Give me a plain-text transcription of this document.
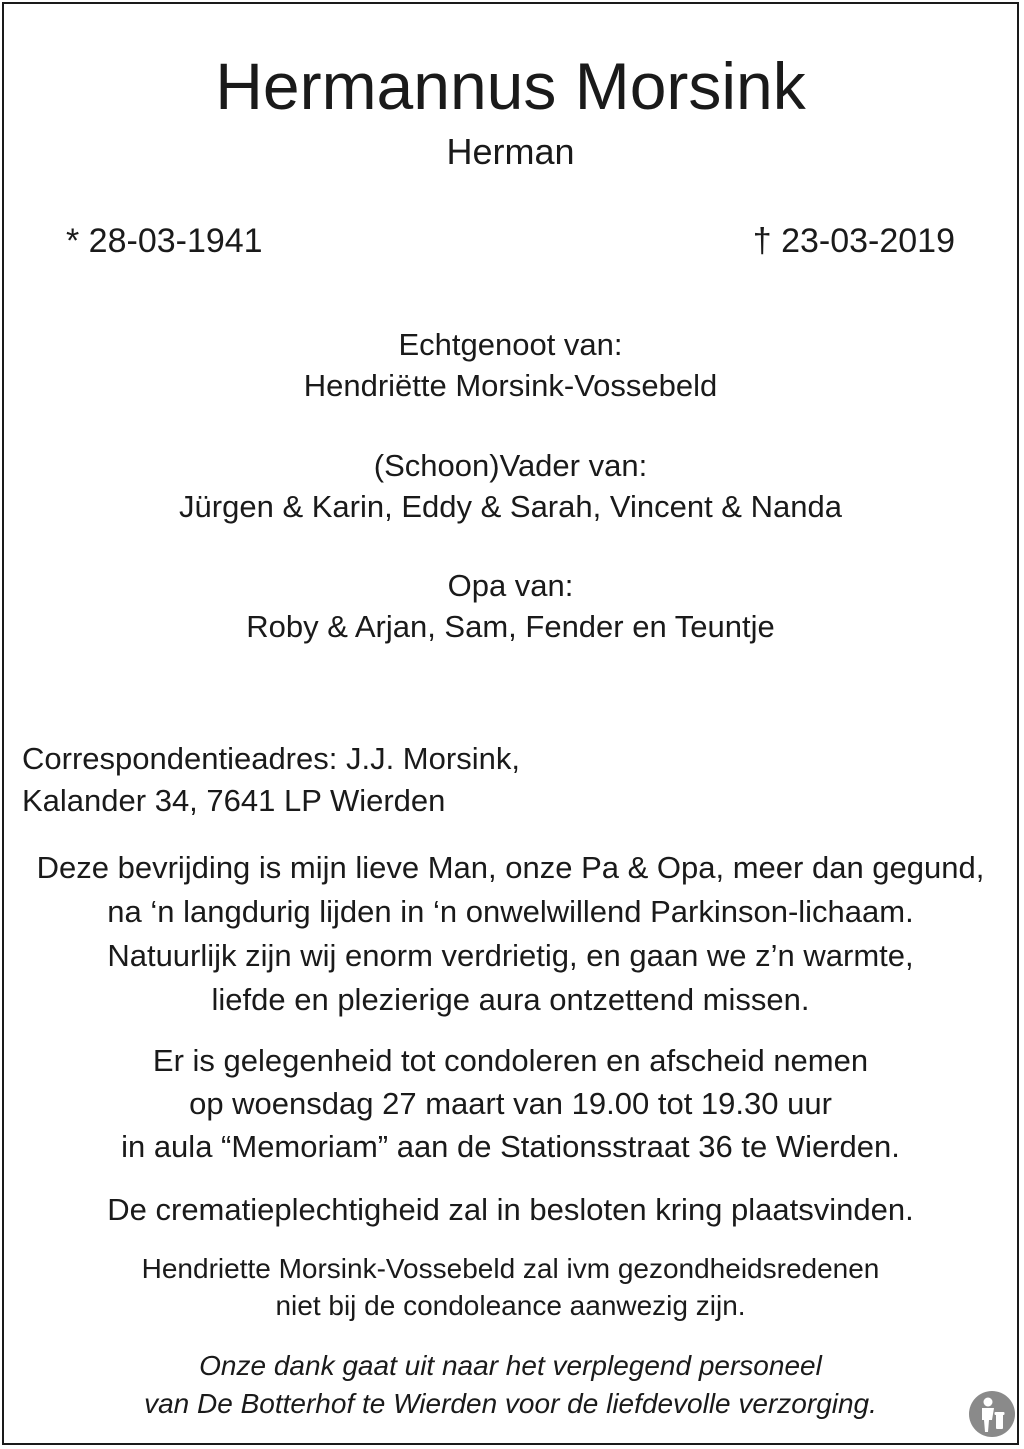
Hermannus Morsink
Herman
* 28-03-1941	† 23-03-2019
Echtgenoot van:
Hendriëtte Morsink-Vossebeld
(Schoon)Vader van:
Jürgen & Karin, Eddy & Sarah, Vincent & Nanda
Opa van:
Roby & Arjan, Sam, Fender en Teuntje
Correspondentieadres: J.J. Morsink,
Kalander 34, 7641 LP Wierden
Deze bevrijding is mijn lieve Man, onze Pa & Opa, meer dan gegund,
na ‘n langdurig lijden in ‘n onwelwillend Parkinson-lichaam.
Natuurlijk zijn wij enorm verdrietig, en gaan we z’n warmte,
liefde en plezierige aura ontzettend missen.
Er is gelegenheid tot condoleren en afscheid nemen
op woensdag 27 maart van 19.00 tot 19.30 uur
in aula “Memoriam” aan de Stationsstraat 36 te Wierden.
De crematieplechtigheid zal in besloten kring plaatsvinden.
Hendriette Morsink-Vossebeld zal ivm gezondheidsredenen
niet bij de condoleance aanwezig zijn.
Onze dank gaat uit naar het verplegend personeel
van De Botterhof te Wierden voor de liefdevolle verzorging.
